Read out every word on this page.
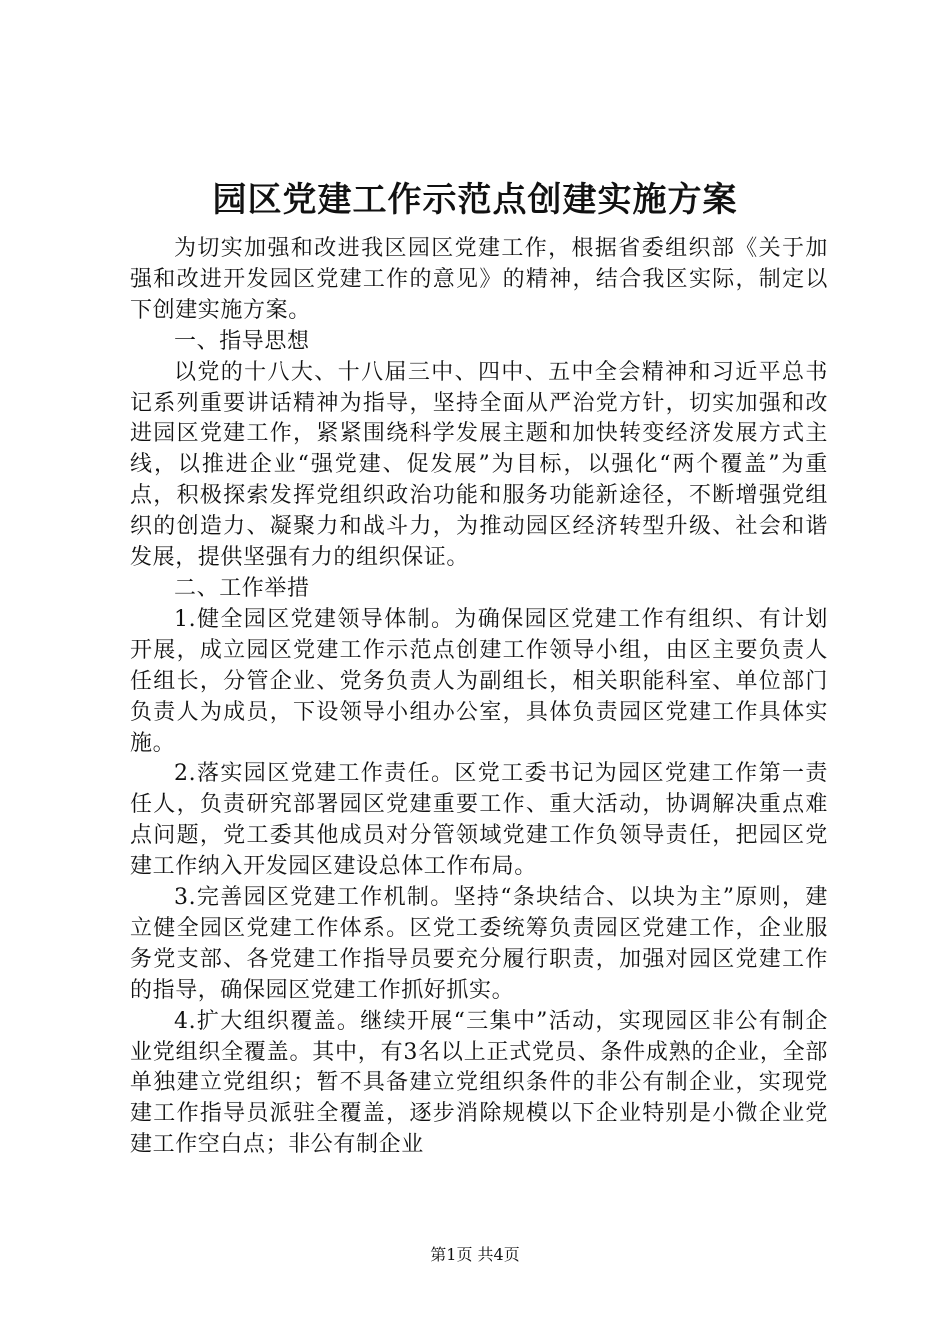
园区党建工作示范点创建实施方案

为切实加强和改进我区园区党建工作，根据省委组织部《关于加强和改进开发园区党建工作的意见》的精神，结合我区实际，制定以下创建实施方案。

一、指导思想

以党的十八大、十八届三中、四中、五中全会精神和习近平总书记系列重要讲话精神为指导，坚持全面从严治党方针，切实加强和改进园区党建工作，紧紧围绕科学发展主题和加快转变经济发展方式主线，以推进企业“强党建、促发展”为目标，以强化“两个覆盖”为重点，积极探索发挥党组织政治功能和服务功能新途径，不断增强党组织的创造力、凝聚力和战斗力，为推动园区经济转型升级、社会和谐发展，提供坚强有力的组织保证。

二、工作举措

1.健全园区党建领导体制。为确保园区党建工作有组织、有计划开展，成立园区党建工作示范点创建工作领导小组，由区主要负责人任组长，分管企业、党务负责人为副组长，相关职能科室、单位部门负责人为成员，下设领导小组办公室，具体负责园区党建工作具体实施。

2.落实园区党建工作责任。区党工委书记为园区党建工作第一责任人，负责研究部署园区党建重要工作、重大活动，协调解决重点难点问题，党工委其他成员对分管领域党建工作负领导责任，把园区党建工作纳入开发园区建设总体工作布局。

3.完善园区党建工作机制。坚持“条块结合、以块为主”原则，建立健全园区党建工作体系。区党工委统筹负责园区党建工作，企业服务党支部、各党建工作指导员要充分履行职责，加强对园区党建工作的指导，确保园区党建工作抓好抓实。

4.扩大组织覆盖。继续开展“三集中”活动，实现园区非公有制企业党组织全覆盖。其中，有3名以上正式党员、条件成熟的企业，全部单独建立党组织；暂不具备建立党组织条件的非公有制企业，实现党建工作指导员派驻全覆盖，逐步消除规模以下企业特别是小微企业党建工作空白点；非公有制企业

第1页 共4页
